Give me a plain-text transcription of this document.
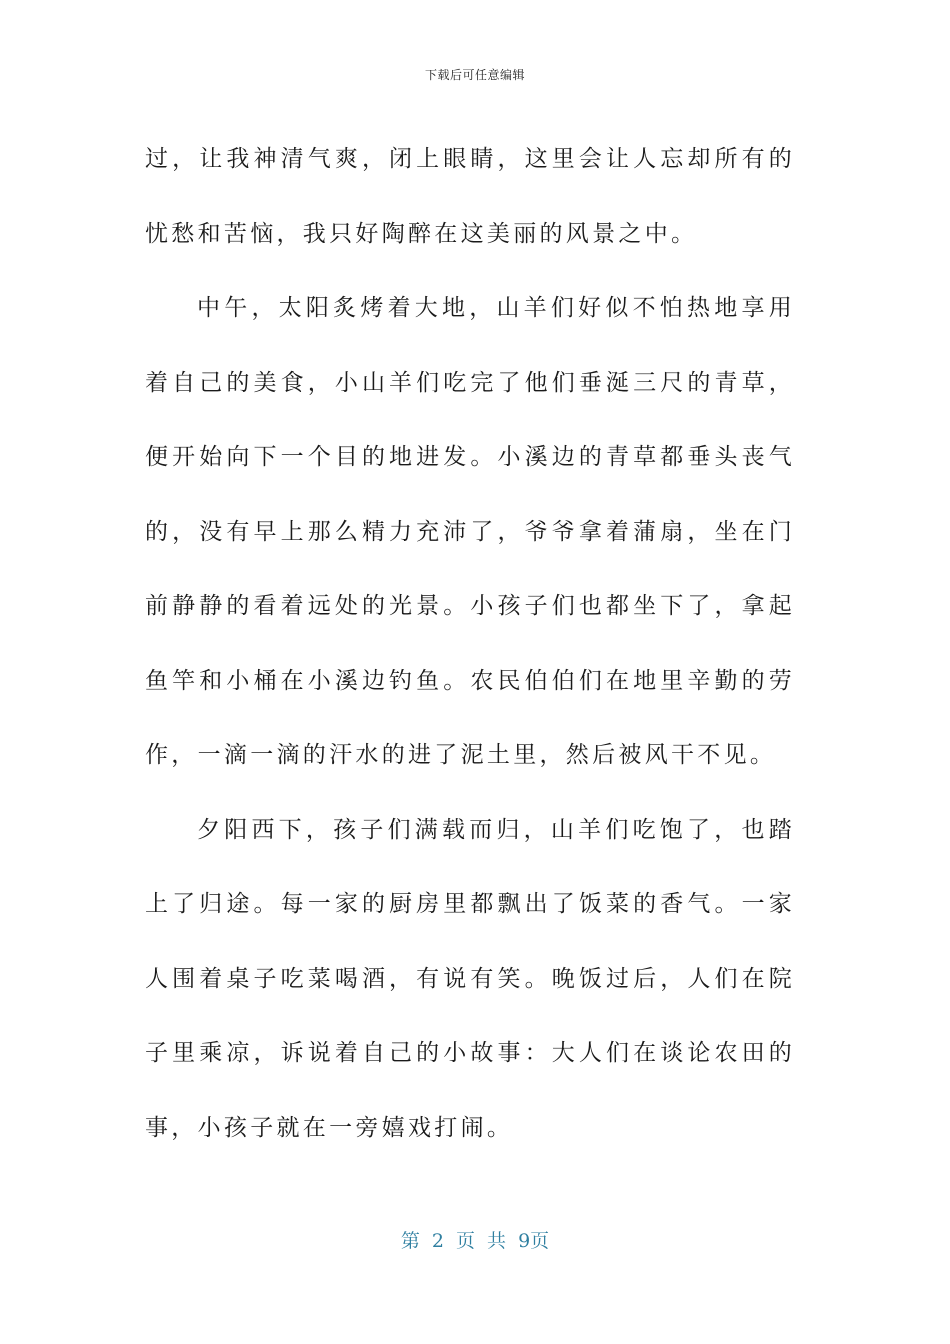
下载后可任意编辑

过，让我神清气爽，闭上眼睛，这里会让人忘却所有的忧愁和苦恼，我只好陶醉在这美丽的风景之中。

中午，太阳炙烤着大地，山羊们好似不怕热地享用着自己的美食，小山羊们吃完了他们垂涎三尺的青草，便开始向下一个目的地进发。小溪边的青草都垂头丧气的，没有早上那么精力充沛了，爷爷拿着蒲扇，坐在门前静静的看着远处的光景。小孩子们也都坐下了，拿起鱼竿和小桶在小溪边钓鱼。农民伯伯们在地里辛勤的劳作，一滴一滴的汗水的进了泥土里，然后被风干不见。

夕阳西下，孩子们满载而归，山羊们吃饱了，也踏上了归途。每一家的厨房里都飘出了饭菜的香气。一家人围着桌子吃菜喝酒，有说有笑。晚饭过后，人们在院子里乘凉，诉说着自己的小故事：大人们在谈论农田的事，小孩子就在一旁嬉戏打闹。

第 2 页 共 9页
